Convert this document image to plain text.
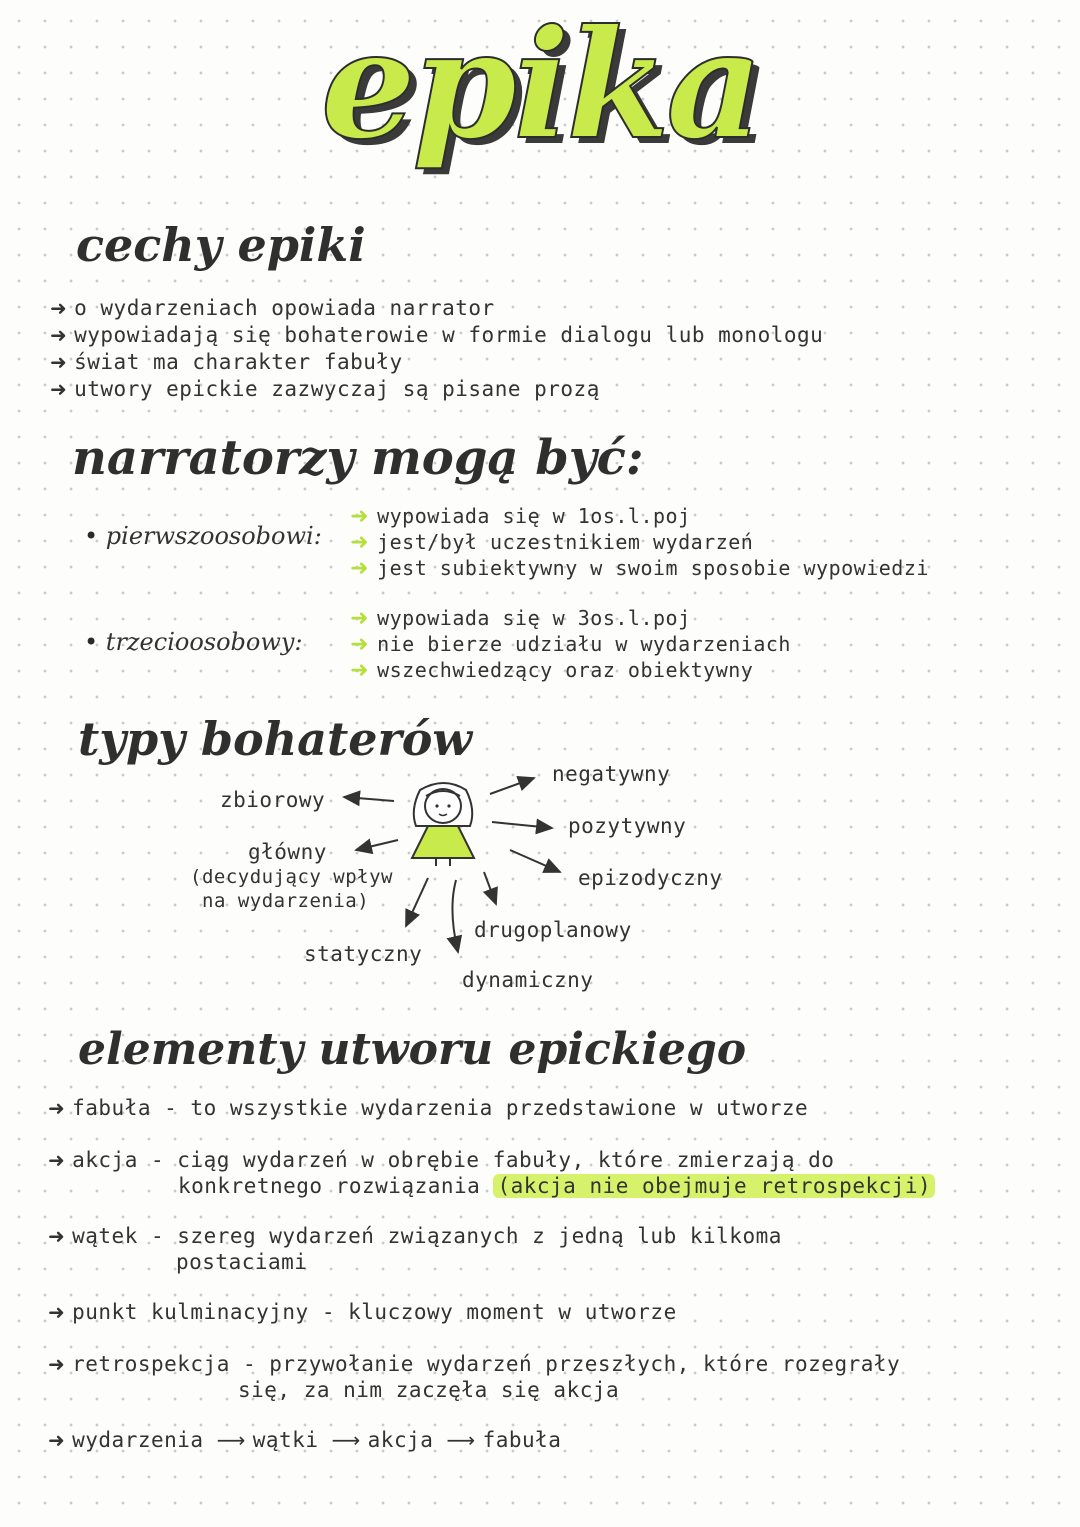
epika
cechy epiki
➜ o wydarzeniach opowiada narrator
➜ wypowiadają się bohaterowie w formie dialogu lub monologu
➜ świat ma charakter fabuły
➜ utwory epickie zazwyczaj są pisane prozą
narratorzy mogą być:
• pierwszoosobowi:
➜ wypowiada się w 1os.l.poj
➜ jest/był uczestnikiem wydarzeń
➜ jest subiektywny w swoim sposobie wypowiedzi
• trzecioosobowy:
➜ wypowiada się w 3os.l.poj
➜ nie bierze udziału w wydarzeniach
➜ wszechwiedzący oraz obiektywny
typy bohaterów
negatywny
zbiorowy
pozytywny
główny
(decydujący wpływ
na wydarzenia)
epizodyczny
drugoplanowy
statyczny
dynamiczny
elementy utworu epickiego
➜ fabuła - to wszystkie wydarzenia przedstawione w utworze
➜ akcja - ciąg wydarzeń w obrębie fabuły, które zmierzają do
konkretnego rozwiązania (akcja nie obejmuje retrospekcji)
➜ wątek - szereg wydarzeń związanych z jedną lub kilkoma
postaciami
➜ punkt kulminacyjny - kluczowy moment w utworze
➜ retrospekcja - przywołanie wydarzeń przeszłych, które rozegrały
się, za nim zaczęła się akcja
➜ wydarzenia ⟶ wątki ⟶ akcja ⟶ fabuła
